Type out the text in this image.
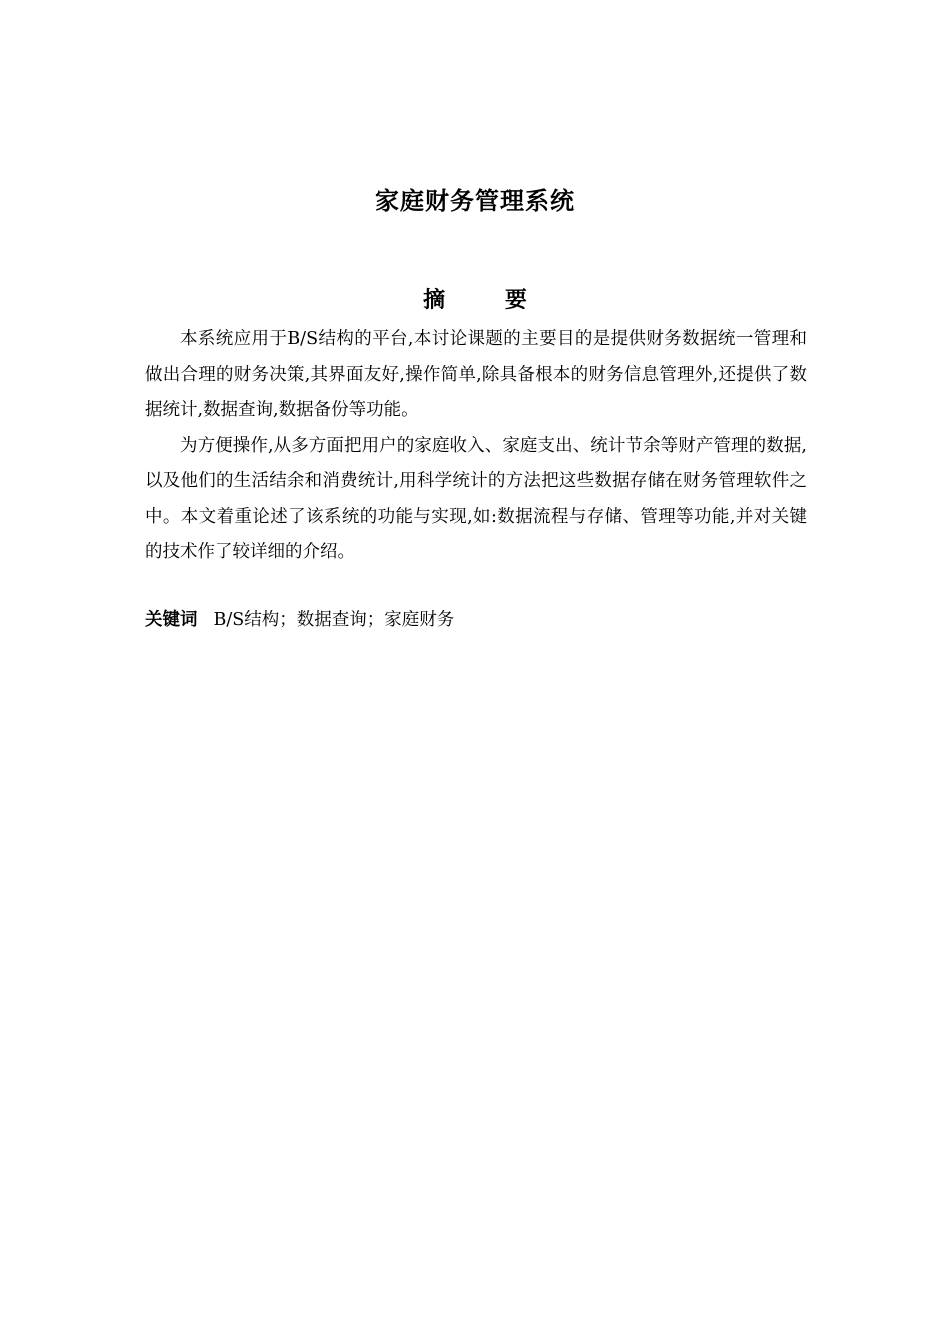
家庭财务管理系统
摘 要

本系统应用于B/S结构的平台,本讨论课题的主要目的是提供财务数据统一管理和做出合理的财务决策,其界面友好,操作简单,除具备根本的财务信息管理外,还提供了数据统计,数据查询,数据备份等功能。

为方便操作,从多方面把用户的家庭收入、家庭支出、统计节余等财产管理的数据,以及他们的生活结余和消费统计,用科学统计的方法把这些数据存储在财务管理软件之中。本文着重论述了该系统的功能与实现,如:数据流程与存储、管理等功能,并对关键的技术作了较详细的介绍。

关键词 B/S结构；数据查询；家庭财务
